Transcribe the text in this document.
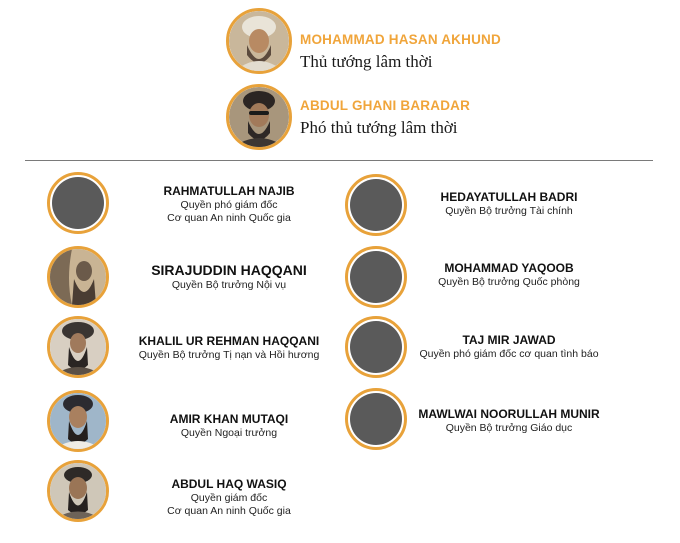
MOHAMMAD HASAN AKHUND
Thủ tướng lâm thời
ABDUL GHANI BARADAR
Phó thủ tướng lâm thời
RAHMATULLAH NAJIB
Quyền phó giám đốc
Cơ quan An ninh Quốc gia
SIRAJUDDIN HAQQANI
Quyền Bộ trưởng Nội vụ
KHALIL UR REHMAN HAQQANI
Quyền Bộ trưởng Tị nạn và Hồi hương
AMIR KHAN MUTAQI
Quyền Ngoại trưởng
ABDUL HAQ WASIQ
Quyền giám đốc
Cơ quan An ninh Quốc gia
HEDAYATULLAH BADRI
Quyền Bộ trưởng Tài chính
MOHAMMAD YAQOOB
Quyền Bộ trưởng Quốc phòng
TAJ MIR JAWAD
Quyền phó giám đốc cơ quan tình báo
MAWLWAI NOORULLAH MUNIR
Quyền Bộ trưởng Giáo dục
